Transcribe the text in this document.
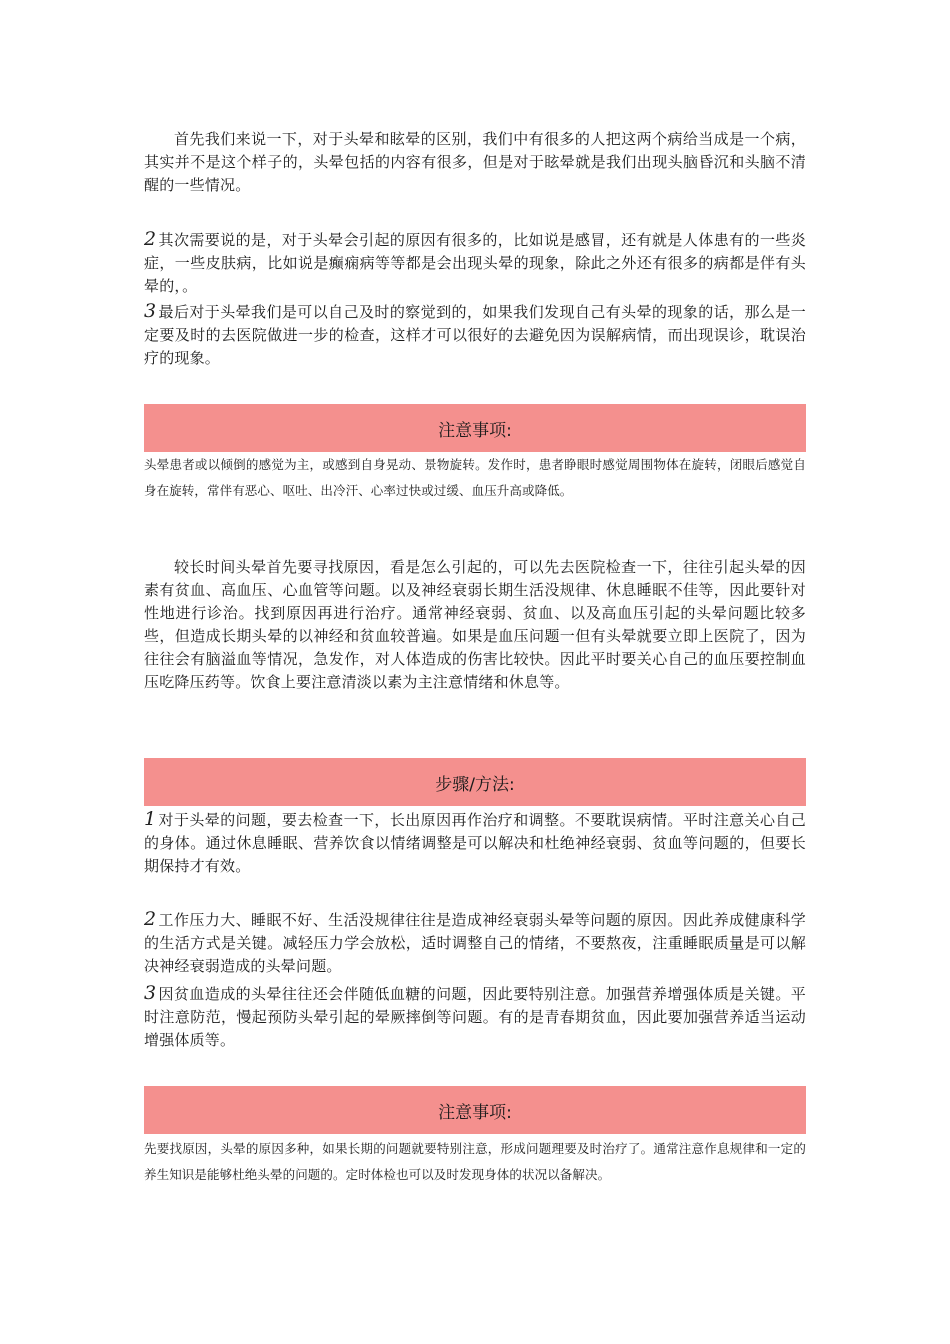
首先我们来说一下，对于头晕和眩晕的区别，我们中有很多的人把这两个病给当成是一个病，其实并不是这个样子的，头晕包括的内容有很多，但是对于眩晕就是我们出现头脑昏沉和头脑不清醒的一些情况。

2 其次需要说的是，对于头晕会引起的原因有很多的，比如说是感冒，还有就是人体患有的一些炎症，一些皮肤病，比如说是癫痫病等等都是会出现头晕的现象，除此之外还有很多的病都是伴有头晕的，。

3 最后对于头晕我们是可以自己及时的察觉到的，如果我们发现自己有头晕的现象的话，那么是一定要及时的去医院做进一步的检查，这样才可以很好的去避免因为误解病情，而出现误诊，耽误治疗的现象。

注意事项:

头晕患者或以倾倒的感觉为主，或感到自身晃动、景物旋转。发作时，患者睁眼时感觉周围物体在旋转，闭眼后感觉自身在旋转，常伴有恶心、呕吐、出冷汗、心率过快或过缓、血压升高或降低。

较长时间头晕首先要寻找原因，看是怎么引起的，可以先去医院检查一下，往往引起头晕的因素有贫血、高血压、心血管等问题。以及神经衰弱长期生活没规律、休息睡眠不佳等，因此要针对性地进行诊治。找到原因再进行治疗。通常神经衰弱、贫血、以及高血压引起的头晕问题比较多些，但造成长期头晕的以神经和贫血较普遍。如果是血压问题一但有头晕就要立即上医院了，因为往往会有脑溢血等情况，急发作，对人体造成的伤害比较快。因此平时要关心自己的血压要控制血压吃降压药等。饮食上要注意清淡以素为主注意情绪和休息等。

步骤/方法:

1 对于头晕的问题，要去检查一下，长出原因再作治疗和调整。不要耽误病情。平时注意关心自己的身体。通过休息睡眠、营养饮食以情绪调整是可以解决和杜绝神经衰弱、贫血等问题的，但要长期保持才有效。

2 工作压力大、睡眠不好、生活没规律往往是造成神经衰弱头晕等问题的原因。因此养成健康科学的生活方式是关键。减轻压力学会放松，适时调整自己的情绪，不要熬夜，注重睡眠质量是可以解决神经衰弱造成的头晕问题。

3 因贫血造成的头晕往往还会伴随低血糖的问题，因此要特别注意。加强营养增强体质是关键。平时注意防范，慢起预防头晕引起的晕厥摔倒等问题。有的是青春期贫血，因此要加强营养适当运动增强体质等。

注意事项:

先要找原因，头晕的原因多种，如果长期的问题就要特别注意，形成问题理要及时治疗了。通常注意作息规律和一定的养生知识是能够杜绝头晕的问题的。定时体检也可以及时发现身体的状况以备解决。
